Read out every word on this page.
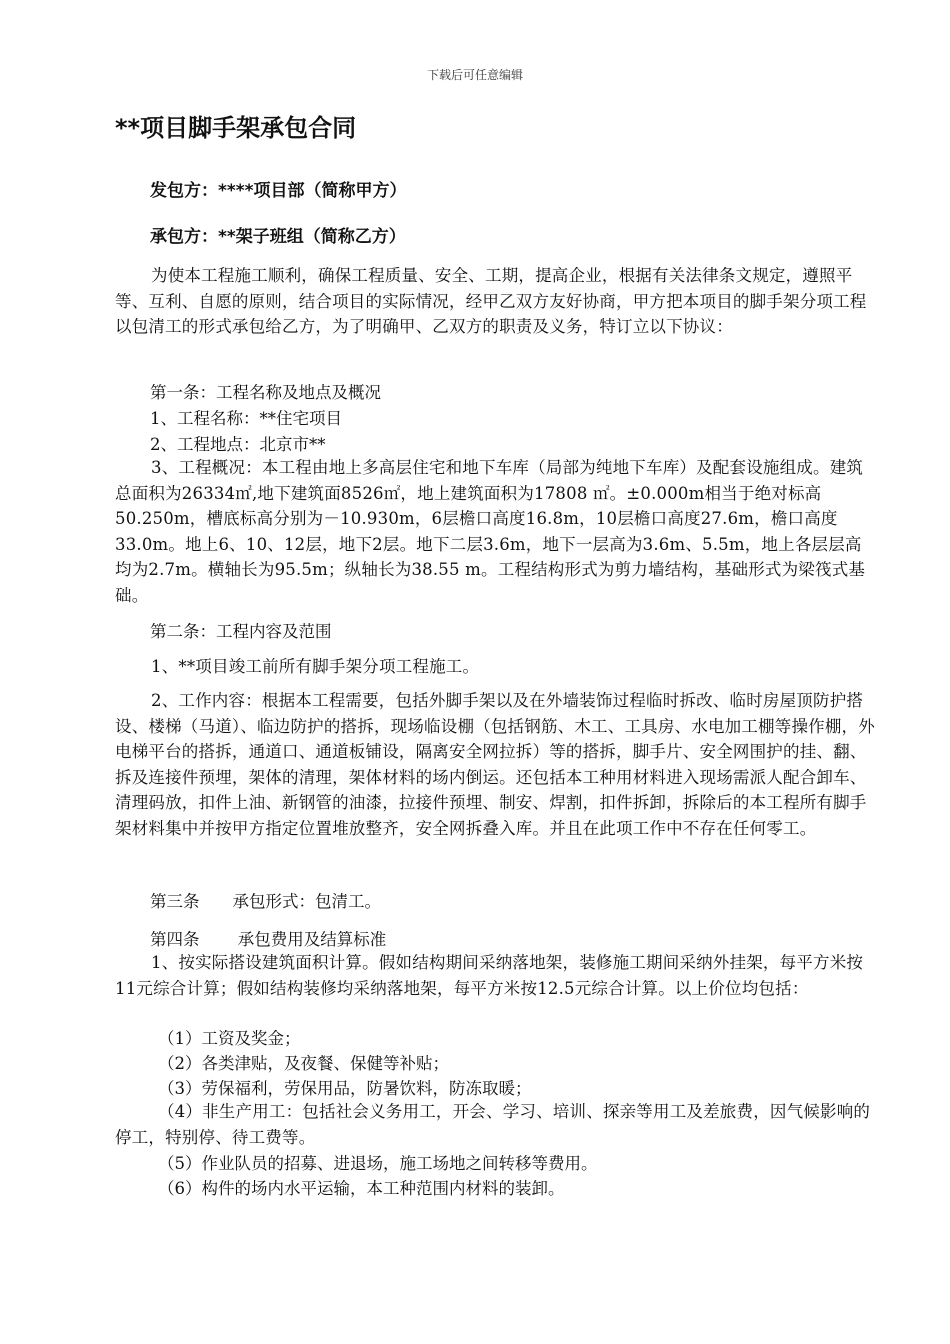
下载后可任意编辑
**项目脚手架承包合同
发包方：****项目部（简称甲方）
承包方：**架子班组（简称乙方）
为使本工程施工顺利，确保工程质量、安全、工期，提高企业，根据有关法律条文规定，遵照平等、互利、自愿的原则，结合项目的实际情况，经甲乙双方友好协商，甲方把本项目的脚手架分项工程以包清工的形式承包给乙方，为了明确甲、乙双方的职责及义务，特订立以下协议：
第一条：工程名称及地点及概况
1、工程名称：**住宅项目
2、工程地点：北京市**
3、工程概况：本工程由地上多高层住宅和地下车库（局部为纯地下车库）及配套设施组成。建筑总面积为26334㎡,地下建筑面8526㎡，地上建筑面积为17808 ㎡。±0.000m相当于绝对标高50.250m，槽底标高分别为－10.930m，6层檐口高度16.8m，10层檐口高度27.6m，檐口高度33.0m。地上6、10、12层，地下2层。地下二层3.6m，地下一层高为3.6m、5.5m，地上各层层高均为2.7m。横轴长为95.5m；纵轴长为38.55 m。工程结构形式为剪力墙结构，基础形式为梁筏式基础。
第二条：工程内容及范围
1、**项目竣工前所有脚手架分项工程施工。
2、工作内容：根据本工程需要，包括外脚手架以及在外墙装饰过程临时拆改、临时房屋顶防护搭设、楼梯（马道）、临边防护的搭拆，现场临设棚（包括钢筋、木工、工具房、水电加工棚等操作棚，外电梯平台的搭拆，通道口、通道板铺设，隔离安全网拉拆）等的搭拆，脚手片、安全网围护的挂、翻、拆及连接件预埋，架体的清理，架体材料的场内倒运。还包括本工种用材料进入现场需派人配合卸车、清理码放，扣件上油、新钢管的油漆，拉接件预埋、制安、焊割，扣件拆卸，拆除后的本工程所有脚手架材料集中并按甲方指定位置堆放整齐，安全网拆叠入库。并且在此项工作中不存在任何零工。
第三条　　承包形式：包清工。
第四条　　 承包费用及结算标准
1、按实际搭设建筑面积计算。假如结构期间采纳落地架，装修施工期间采纳外挂架，每平方米按11元综合计算；假如结构装修均采纳落地架，每平方米按12.5元综合计算。以上价位均包括：
（1）工资及奖金；
（2）各类津贴，及夜餐、保健等补贴；
（3）劳保福利，劳保用品，防暑饮料，防冻取暖；
（4）非生产用工：包括社会义务用工，开会、学习、培训、探亲等用工及差旅费，因气候影响的停工，特别停、待工费等。
（5）作业队员的招募、进退场，施工场地之间转移等费用。
（6）构件的场内水平运输，本工种范围内材料的装卸。
